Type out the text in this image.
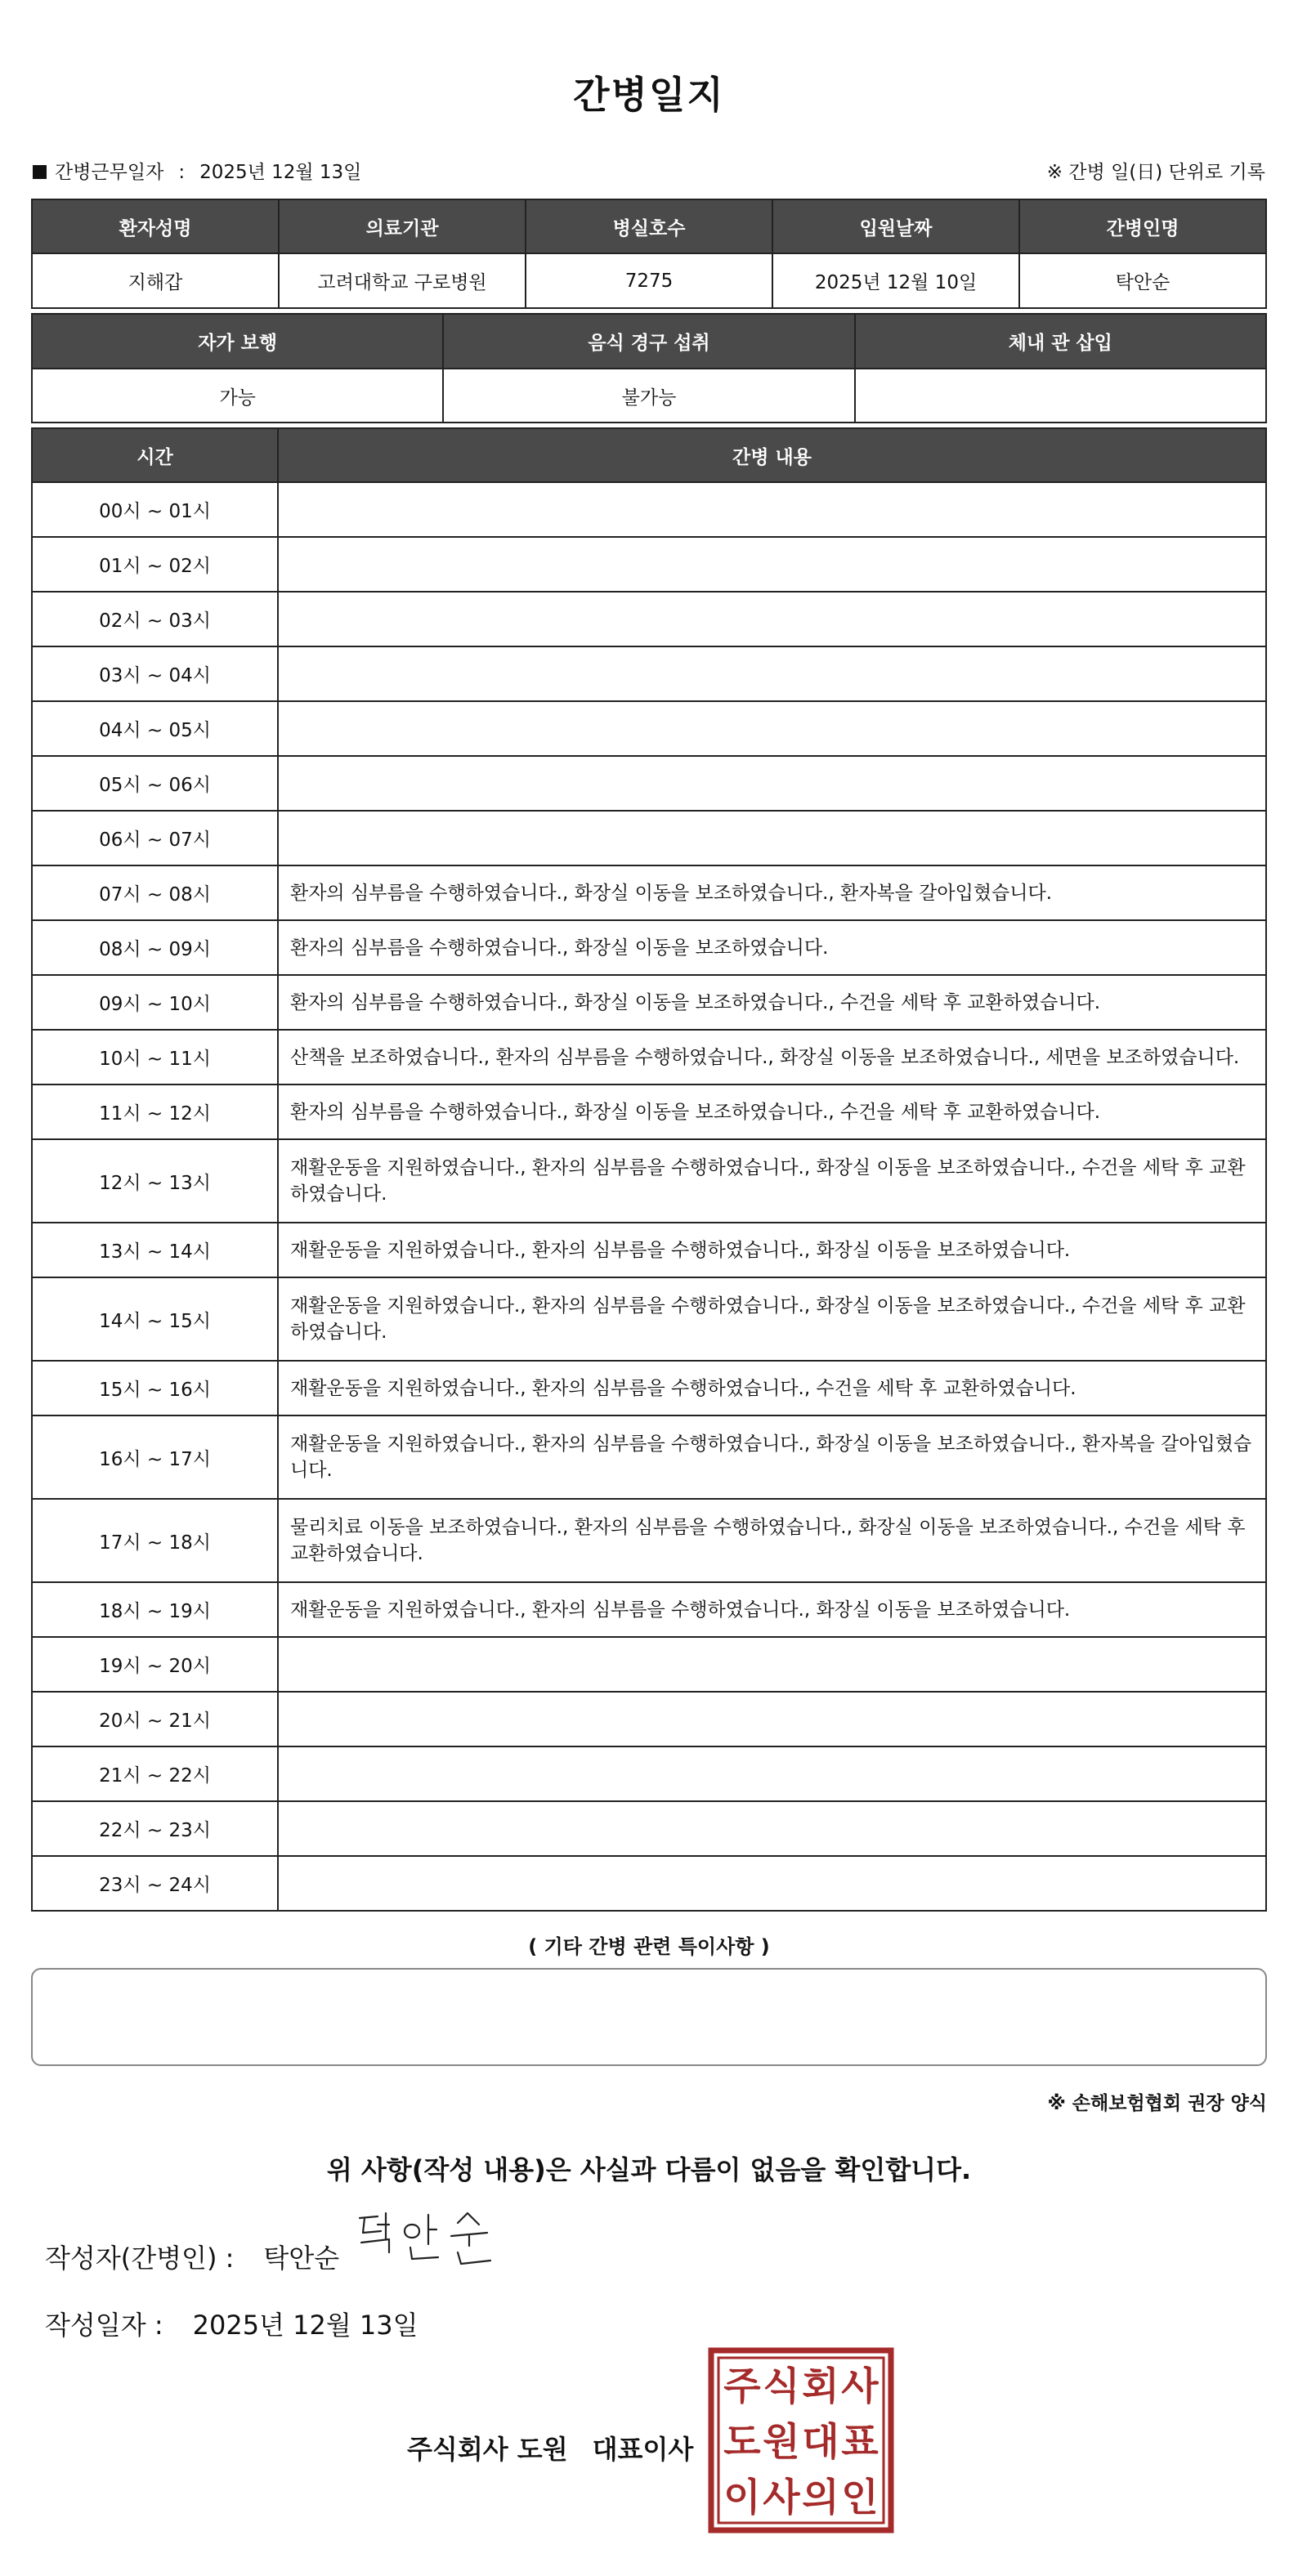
간병일지
간병근무일자 : 2025년 12월 13일	※ 간병 일(日) 단위로 기록
환자성명	의료기관	병실호수	입원날짜	간병인명
지해갑	고려대학교 구로병원	7275	2025년 12월 10일	탁안순
자가 보행	음식 경구 섭취	체내 관 삽입
가능	불가능	
시간	간병 내용
00시 ~ 01시	
01시 ~ 02시	
02시 ~ 03시	
03시 ~ 04시	
04시 ~ 05시	
05시 ~ 06시	
06시 ~ 07시	
07시 ~ 08시	환자의 심부름을 수행하였습니다., 화장실 이동을 보조하였습니다., 환자복을 갈아입혔습니다.
08시 ~ 09시	환자의 심부름을 수행하였습니다., 화장실 이동을 보조하였습니다.
09시 ~ 10시	환자의 심부름을 수행하였습니다., 화장실 이동을 보조하였습니다., 수건을 세탁 후 교환하였습니다.
10시 ~ 11시	산책을 보조하였습니다., 환자의 심부름을 수행하였습니다., 화장실 이동을 보조하였습니다., 세면을 보조하였습니다.
11시 ~ 12시	환자의 심부름을 수행하였습니다., 화장실 이동을 보조하였습니다., 수건을 세탁 후 교환하였습니다.
12시 ~ 13시	재활운동을 지원하였습니다., 환자의 심부름을 수행하였습니다., 화장실 이동을 보조하였습니다., 수건을 세탁 후 교환하였습니다.
13시 ~ 14시	재활운동을 지원하였습니다., 환자의 심부름을 수행하였습니다., 화장실 이동을 보조하였습니다.
14시 ~ 15시	재활운동을 지원하였습니다., 환자의 심부름을 수행하였습니다., 화장실 이동을 보조하였습니다., 수건을 세탁 후 교환하였습니다.
15시 ~ 16시	재활운동을 지원하였습니다., 환자의 심부름을 수행하였습니다., 수건을 세탁 후 교환하였습니다.
16시 ~ 17시	재활운동을 지원하였습니다., 환자의 심부름을 수행하였습니다., 화장실 이동을 보조하였습니다., 환자복을 갈아입혔습니다.
17시 ~ 18시	물리치료 이동을 보조하였습니다., 환자의 심부름을 수행하였습니다., 화장실 이동을 보조하였습니다., 수건을 세탁 후 교환하였습니다.
18시 ~ 19시	재활운동을 지원하였습니다., 환자의 심부름을 수행하였습니다., 화장실 이동을 보조하였습니다.
19시 ~ 20시	
20시 ~ 21시	
21시 ~ 22시	
22시 ~ 23시	
23시 ~ 24시	
( 기타 간병 관련 특이사항 )
※ 손해보험협회 권장 양식
위 사항(작성 내용)은 사실과 다름이 없음을 확인합니다.
작성자(간병인) : 탁안순
작성일자 : 2025년 12월 13일
주식회사 도원 대표이사
주 식 회 사
도 원 대 표
이 사 의 인
